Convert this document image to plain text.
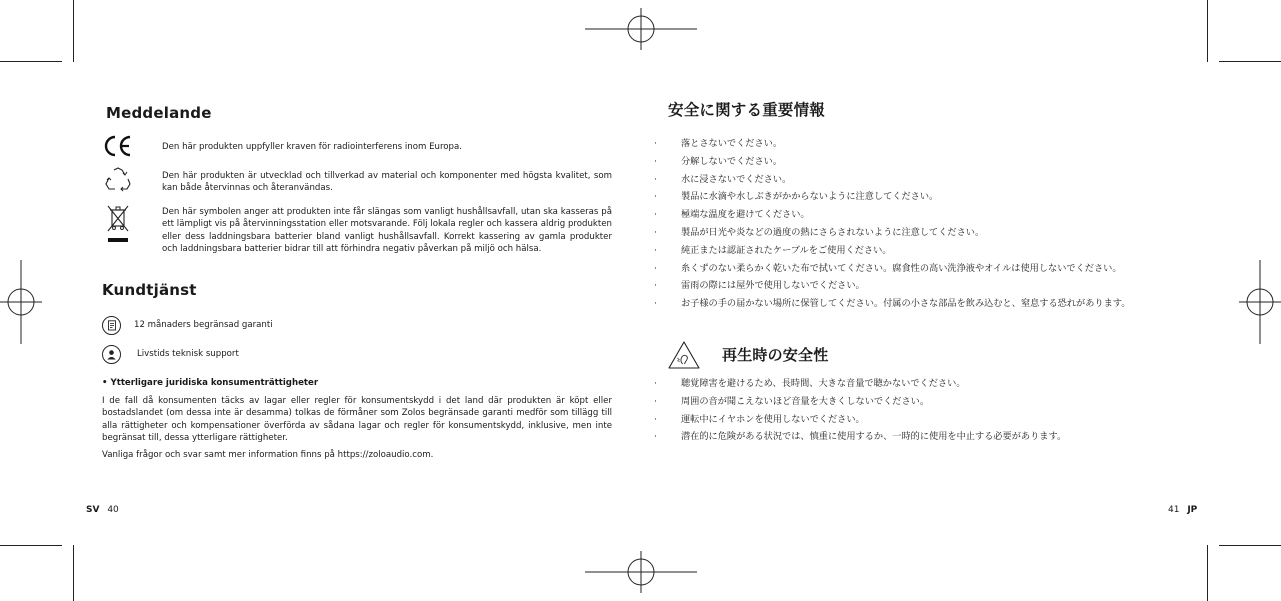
Meddelande
Den här produkten uppfyller kraven för radiointerferens inom Europa.
Den här produkten är utvecklad och tillverkad av material och komponenter med högsta kvalitet, som kan både återvinnas och återanvändas.
Den här symbolen anger att produkten inte får slängas som vanligt hushållsavfall, utan ska kasseras på ett lämpligt vis på återvinningsstation eller motsvarande. Följ lokala regler och kassera aldrig produkten eller dess laddningsbara batterier bland vanligt hushållsavfall. Korrekt kassering av gamla produkter och laddningsbara batterier bidrar till att förhindra negativ påverkan på miljö och hälsa.
Kundtjänst
12 månaders begränsad garanti
Livstids teknisk support
• Ytterligare juridiska konsumenträttigheter
I de fall då konsumenten täcks av lagar eller regler för konsumentskydd i det land där produkten är köpt eller bostadslandet (om dessa inte är desamma) tolkas de förmåner som Zolos begränsade garanti medför som tillägg till alla rättigheter och kompensationer överförda av sådana lagar och regler för konsumentskydd, inklusive, men inte begränsat till, dessa ytterligare rättigheter.
Vanliga frågor och svar samt mer information finns på https://zoloaudio.com.
SV 40
安全に関する重要情報
·	落とさないでください。
·	分解しないでください。
·	水に浸さないでください。
·	製品に水滴や水しぶきがかからないように注意してください。
·	極端な温度を避けてください。
·	製品が日光や炎などの過度の熱にさらされないように注意してください。
·	純正または認証されたケーブルをご使用ください。
·	糸くずのない柔らかく乾いた布で拭いてください。腐食性の高い洗浄液やオイルは使用しないでください。
·	雷雨の際には屋外で使用しないでください。
·	お子様の手の届かない場所に保管してください。付属の小さな部品を飲み込むと、窒息する恐れがあります。
再生時の安全性
·	聴覚障害を避けるため、長時間、大きな音量で聴かないでください。
·	周囲の音が聞こえないほど音量を大きくしないでください。
·	運転中にイヤホンを使用しないでください。
·	潜在的に危険がある状況では、慎重に使用するか、一時的に使用を中止する必要があります。
41 JP
